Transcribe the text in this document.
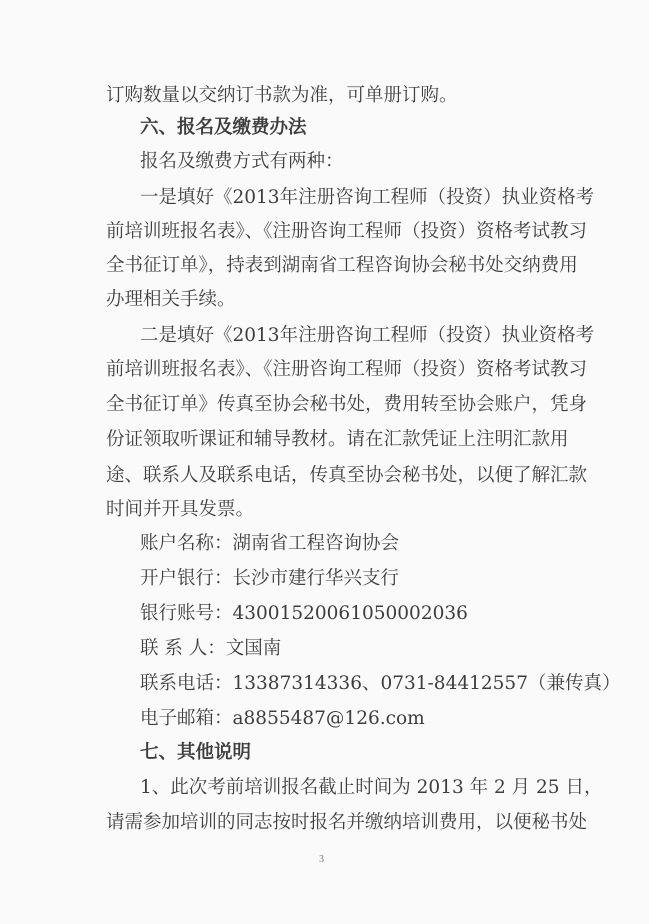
订购数量以交纳订书款为准，可单册订购。
六、报名及缴费办法
报名及缴费方式有两种：
一是填好《2013年注册咨询工程师（投资）执业资格考
前培训班报名表》、《注册咨询工程师（投资）资格考试教习
全书征订单》，持表到湖南省工程咨询协会秘书处交纳费用
办理相关手续。
二是填好《2013年注册咨询工程师（投资）执业资格考
前培训班报名表》、《注册咨询工程师（投资）资格考试教习
全书征订单》传真至协会秘书处，费用转至协会账户，凭身
份证领取听课证和辅导教材。请在汇款凭证上注明汇款用
途、联系人及联系电话，传真至协会秘书处，以便了解汇款
时间并开具发票。
账户名称：湖南省工程咨询协会
开户银行：长沙市建行华兴支行
银行账号：43001520061050002036
联 系 人：文国南
联系电话：13387314336、0731-84412557（兼传真）
电子邮箱：a8855487@126.com
七、其他说明
1、此次考前培训报名截止时间为 2013 年 2 月 25 日，
请需参加培训的同志按时报名并缴纳培训费用，以便秘书处
3
